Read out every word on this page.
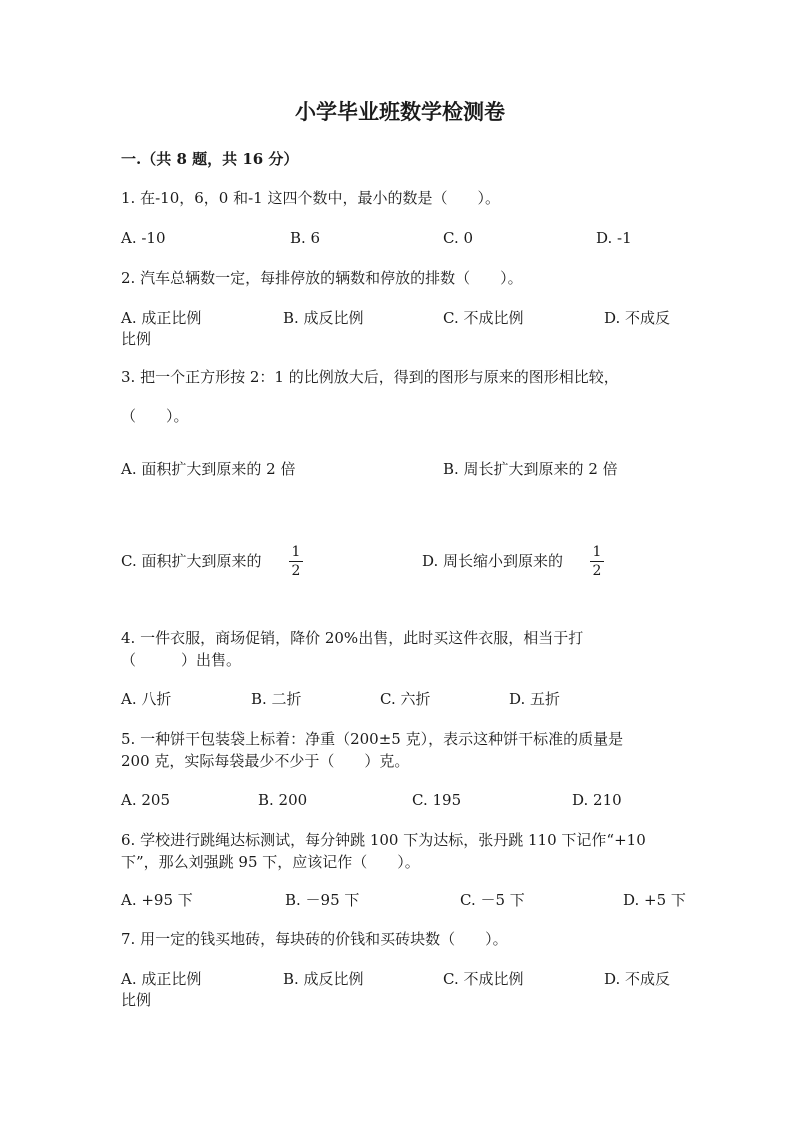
小学毕业班数学检测卷
一.（共 8 题，共 16 分）
1. 在-10，6，0 和-1 这四个数中，最小的数是（　　）。
A. -10	B. 6	C. 0	D. -1
2. 汽车总辆数一定，每排停放的辆数和停放的排数（　　）。
A. 成正比例	B. 成反比例	C. 不成比例	D. 不成反
比例
3. 把一个正方形按 2：1 的比例放大后，得到的图形与原来的图形相比较，
（　　）。
A. 面积扩大到原来的 2 倍	B. 周长扩大到原来的 2 倍
C. 面积扩大到原来的 1
2
D. 周长缩小到原来的 1
2
4. 一件衣服，商场促销，降价 20%出售，此时买这件衣服，相当于打
（　　　）出售。
A. 八折	B. 二折	C. 六折	D. 五折
5. 一种饼干包装袋上标着：净重（200±5 克），表示这种饼干标准的质量是
200 克，实际每袋最少不少于（　　）克。
A. 205	B. 200	C. 195	D. 210
6. 学校进行跳绳达标测试，每分钟跳 100 下为达标，张丹跳 110 下记作“+10
下”，那么刘强跳 95 下，应该记作（　　）。
A. +95 下	B. －95 下	C. －5 下	D. +5 下
7. 用一定的钱买地砖，每块砖的价钱和买砖块数（　　）。
A. 成正比例	B. 成反比例	C. 不成比例	D. 不成反
比例
